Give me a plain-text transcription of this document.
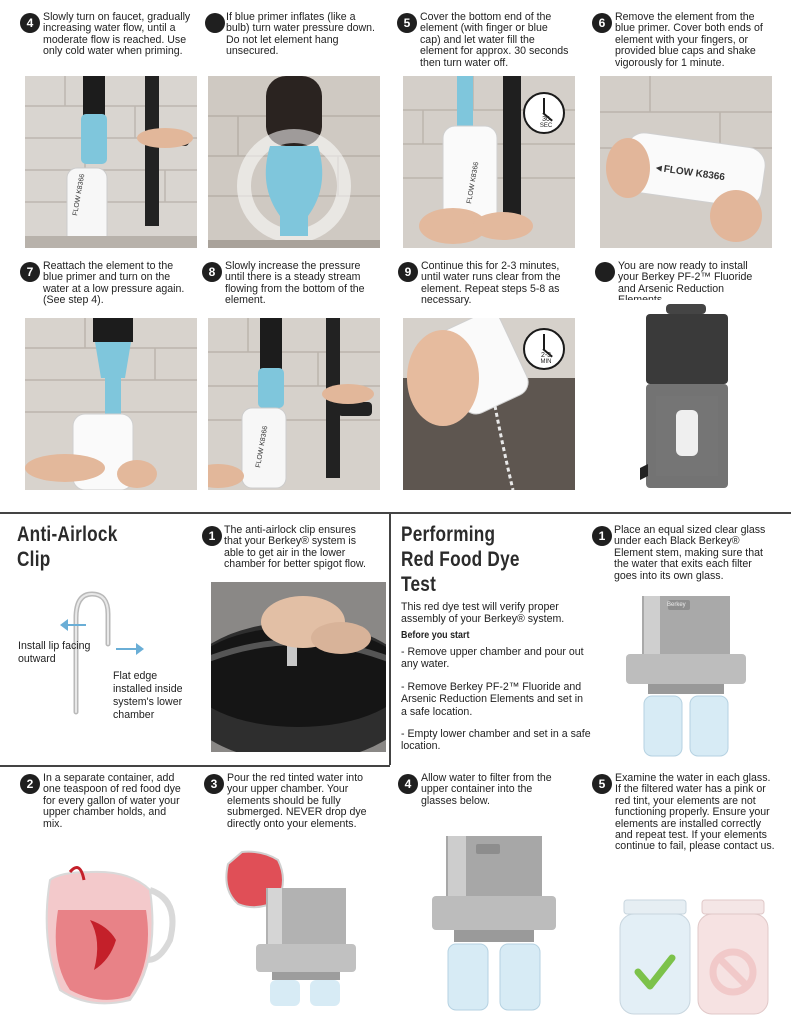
4 Slowly turn on faucet, gradually increasing water flow, until a moderate flow is reached. Use only cold water when priming.
If blue primer inflates (like a bulb) turn water pressure down. Do not let element hang unsecured.
5 Cover the bottom end of the element (with finger or blue cap) and let water fill the element for approx. 30 seconds then turn water off.
6 Remove the element from the blue primer. Cover both ends of element with your fingers, or provided blue caps and shake vigorously for 1 minute.
FLOW K8366	FLOW K8366	◄FLOW K8366
30
SEC
7 Reattach the element to the blue primer and turn on the water at a low pressure again. (See step 4).
8 Slowly increase the pressure until there is a steady stream flowing from the bottom of the element.
9 Continue this for 2-3 minutes, until water runs clear from the element. Repeat steps 5-8 as necessary.
You are now ready to install your Berkey PF-2™ Fluoride and Arsenic Reduction
FLOW K8366
2-3
MIN
Anti-Airlock
Clip
1 The anti-airlock clip ensures that your Berkey® system is able to get air in the lower chamber for better spigot flow.
Install lip facing outward
Flat edge installed inside system's lower chamber
Performing
Red Food Dye
Test
This red dye test will verify proper assembly of your Berkey® system.
Before you start
- Remove upper chamber and pour out any water.
- Remove Berkey PF-2™ Fluoride and Arsenic Reduction Elements and set in a safe location.
- Empty lower chamber and set in a safe location.
1 Place an equal sized clear glass under each Black Berkey® Element stem, making sure that the water that exits each filter goes into its own glass.
Berkey
2 In a separate container, add one teaspoon of red food dye for every gallon of water your upper chamber holds, and mix.
3 Pour the red tinted water into your upper chamber. Your elements should be fully submerged. NEVER drop dye directly onto your elements.
4 Allow water to filter from the upper container into the glasses below.
5 Examine the water in each glass. If the filtered water has a pink or red tint, your elements are not functioning properly. Ensure your elements are installed correctly and repeat test. If your elements continue to fail, please contact us.
